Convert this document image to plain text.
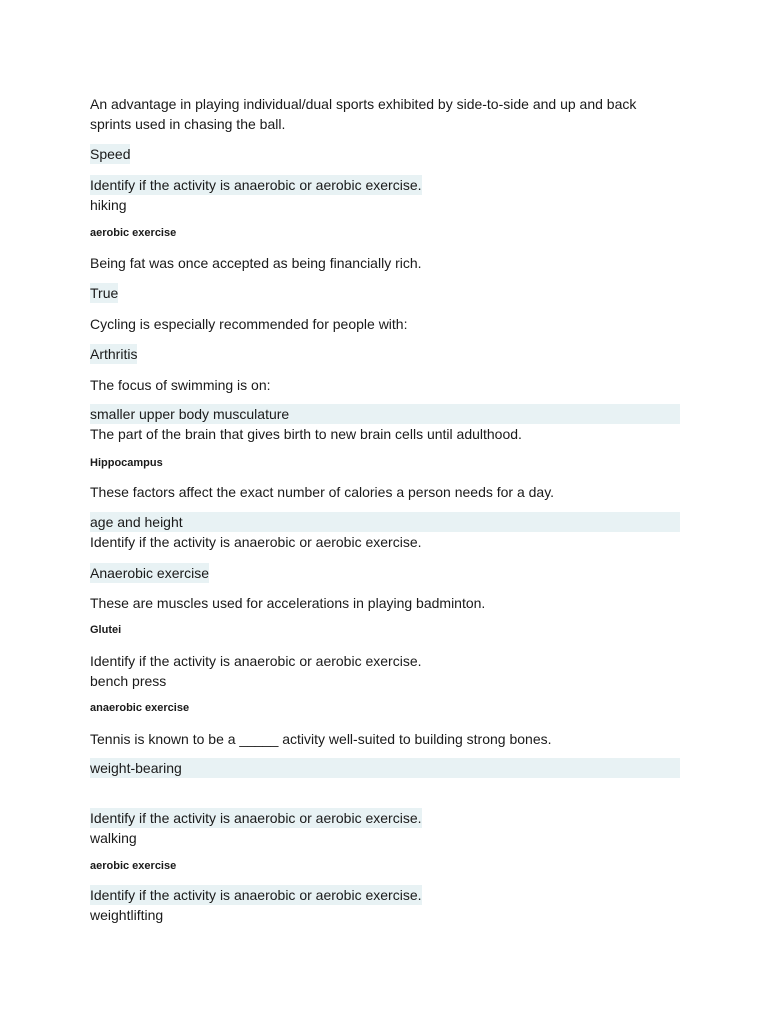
An advantage in playing individual/dual sports exhibited by side-to-side and up and back
sprints used in chasing the ball.
Speed
Identify if the activity is anaerobic or aerobic exercise.
hiking
aerobic exercise
Being fat was once accepted as being financially rich.
True
Cycling is especially recommended for people with:
Arthritis
The focus of swimming is on:
smaller upper body musculature
The part of the brain that gives birth to new brain cells until adulthood.
Hippocampus
These factors affect the exact number of calories a person needs for a day.
age and height
Identify if the activity is anaerobic or aerobic exercise.
Anaerobic exercise
These are muscles used for accelerations in playing badminton.
Glutei
Identify if the activity is anaerobic or aerobic exercise.
bench press
anaerobic exercise
Tennis is known to be a _____ activity well-suited to building strong bones.
weight-bearing
Identify if the activity is anaerobic or aerobic exercise.
walking
aerobic exercise
Identify if the activity is anaerobic or aerobic exercise.
weightlifting
